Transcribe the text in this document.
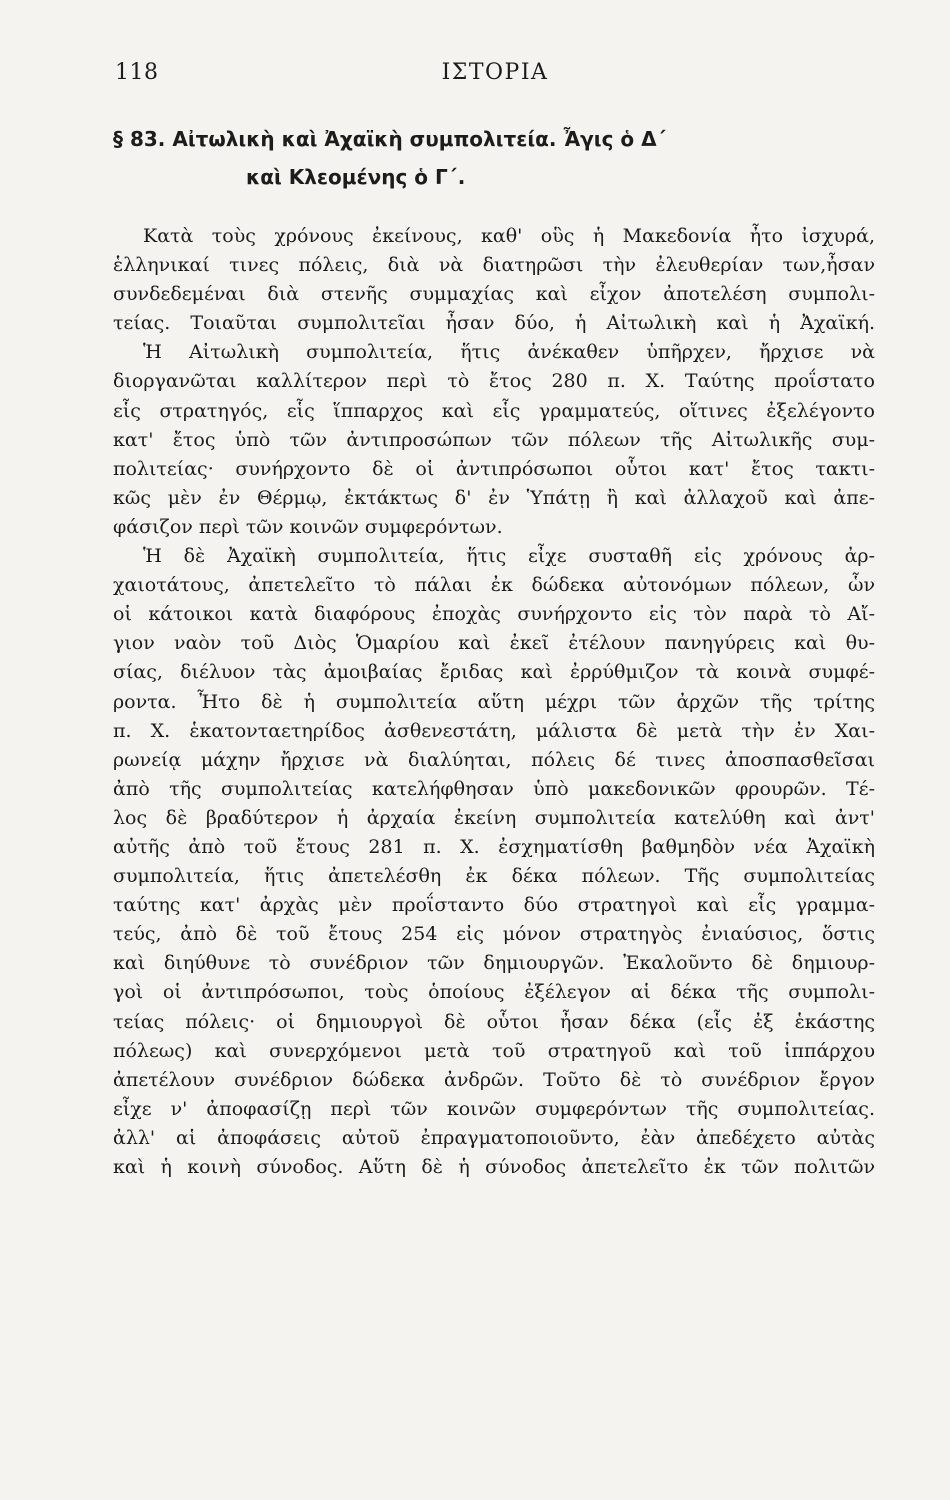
118	ΙΣΤΟΡΙΑ
§ 83. Αἰτωλικὴ καὶ Ἀχαϊκὴ συμπολιτεία. Ἆγις ὁ Δ´
καὶ Κλεομένης ὁ Γ´.
Κατὰ τοὺς χρόνους ἐκείνους, καθ' οὓς ἡ Μακεδονία ἦτο ἰσχυρά,
ἑλληνικαί τινες πόλεις, διὰ νὰ διατηρῶσι τὴν ἐλευθερίαν των,ἦσαν
συνδεδεμέναι διὰ στενῆς συμμαχίας καὶ εἶχον ἀποτελέση συμπολι-
τείας. Τοιαῦται συμπολιτεῖαι ἦσαν δύο, ἡ Αἰτωλικὴ καὶ ἡ Ἀχαϊκή.
Ἡ Αἰτωλικὴ συμπολιτεία, ἥτις ἀνέκαθεν ὑπῆρχεν, ἤρχισε νὰ
διοργανῶται καλλίτερον περὶ τὸ ἔτος 280 π. Χ. Ταύτης προΐστατο
εἷς στρατηγός, εἷς ἵππαρχος καὶ εἷς γραμματεύς, οἵτινες ἐξελέγοντο
κατ' ἔτος ὑπὸ τῶν ἀντιπροσώπων τῶν πόλεων τῆς Αἰτωλικῆς συμ-
πολιτείας· συνήρχοντο δὲ οἱ ἀντιπρόσωποι οὗτοι κατ' ἔτος τακτι-
κῶς μὲν ἐν Θέρμῳ, ἐκτάκτως δ' ἐν Ὑπάτῃ ἢ καὶ ἀλλαχοῦ καὶ ἀπε-
φάσιζον περὶ τῶν κοινῶν συμφερόντων.
Ἡ δὲ Ἀχαϊκὴ συμπολιτεία, ἥτις εἶχε συσταθῆ εἰς χρόνους ἀρ-
χαιοτάτους, ἀπετελεῖτο τὸ πάλαι ἐκ δώδεκα αὐτονόμων πόλεων, ὧν
οἱ κάτοικοι κατὰ διαφόρους ἐποχὰς συνήρχοντο εἰς τὸν παρὰ τὸ Αἴ-
γιον ναὸν τοῦ Διὸς Ὁμαρίου καὶ ἐκεῖ ἐτέλουν πανηγύρεις καὶ θυ-
σίας, διέλυον τὰς ἀμοιβαίας ἔριδας καὶ ἐρρύθμιζον τὰ κοινὰ συμφέ-
ροντα. Ἦτο δὲ ἡ συμπολιτεία αὕτη μέχρι τῶν ἀρχῶν τῆς τρίτης
π. Χ. ἑκατονταετηρίδος ἀσθενεστάτη, μάλιστα δὲ μετὰ τὴν ἐν Χαι-
ρωνείᾳ μάχην ἤρχισε νὰ διαλύηται, πόλεις δέ τινες ἀποσπασθεῖσαι
ἀπὸ τῆς συμπολιτείας κατελήφθησαν ὑπὸ μακεδονικῶν φρουρῶν. Τέ-
λος δὲ βραδύτερον ἡ ἀρχαία ἐκείνη συμπολιτεία κατελύθη καὶ ἀντ'
αὐτῆς ἀπὸ τοῦ ἔτους 281 π. Χ. ἐσχηματίσθη βαθμηδὸν νέα Ἀχαϊκὴ
συμπολιτεία, ἥτις ἀπετελέσθη ἐκ δέκα πόλεων. Τῆς συμπολιτείας
ταύτης κατ' ἀρχὰς μὲν προΐσταντο δύο στρατηγοὶ καὶ εἷς γραμμα-
τεύς, ἀπὸ δὲ τοῦ ἔτους 254 εἰς μόνον στρατηγὸς ἐνιαύσιος, ὅστις
καὶ διηύθυνε τὸ συνέδριον τῶν δημιουργῶν. Ἐκαλοῦντο δὲ δημιουρ-
γοὶ οἱ ἀντιπρόσωποι, τοὺς ὁποίους ἐξέλεγον αἱ δέκα τῆς συμπολι-
τείας πόλεις· οἱ δημιουργοὶ δὲ οὗτοι ἦσαν δέκα (εἷς ἐξ ἑκάστης
πόλεως) καὶ συνερχόμενοι μετὰ τοῦ στρατηγοῦ καὶ τοῦ ἱππάρχου
ἀπετέλουν συνέδριον δώδεκα ἀνδρῶν. Τοῦτο δὲ τὸ συνέδριον ἔργον
εἶχε ν' ἀποφασίζῃ περὶ τῶν κοινῶν συμφερόντων τῆς συμπολιτείας.
ἀλλ' αἱ ἀποφάσεις αὐτοῦ ἐπραγματοποιοῦντο, ἐὰν ἀπεδέχετο αὐτὰς
καὶ ἡ κοινὴ σύνοδος. Αὕτη δὲ ἡ σύνοδος ἀπετελεῖτο ἐκ τῶν πολιτῶν
